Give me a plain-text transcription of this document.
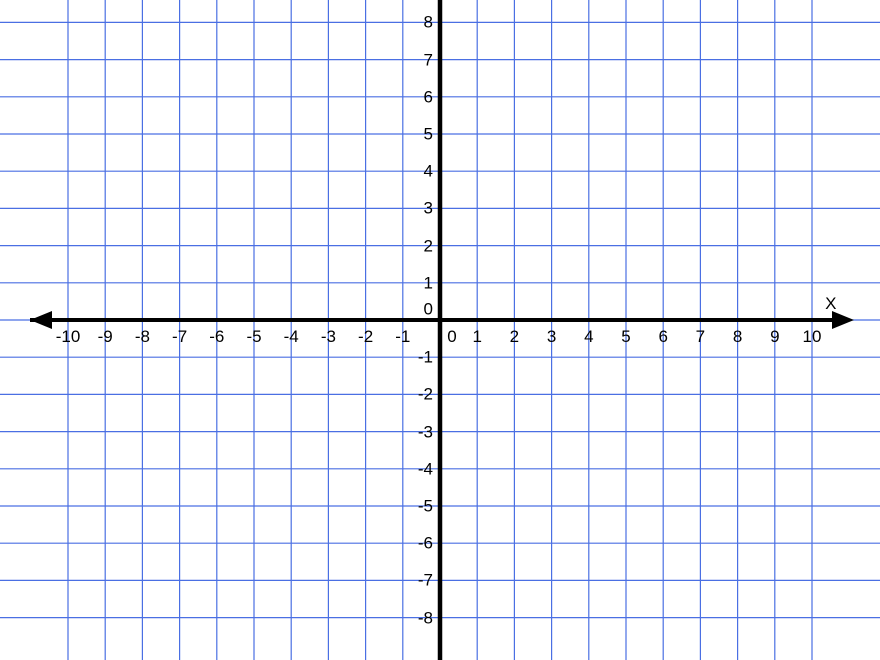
-10 -9 -8 -7 -6 -5 -4 -3 -2 -1 0 1 2 3 4 5 6 7 8 9 10
8
7
6
5
4
3
2
1
-1
-2
-3
-4
-5
-6
-7
-8
0	X
